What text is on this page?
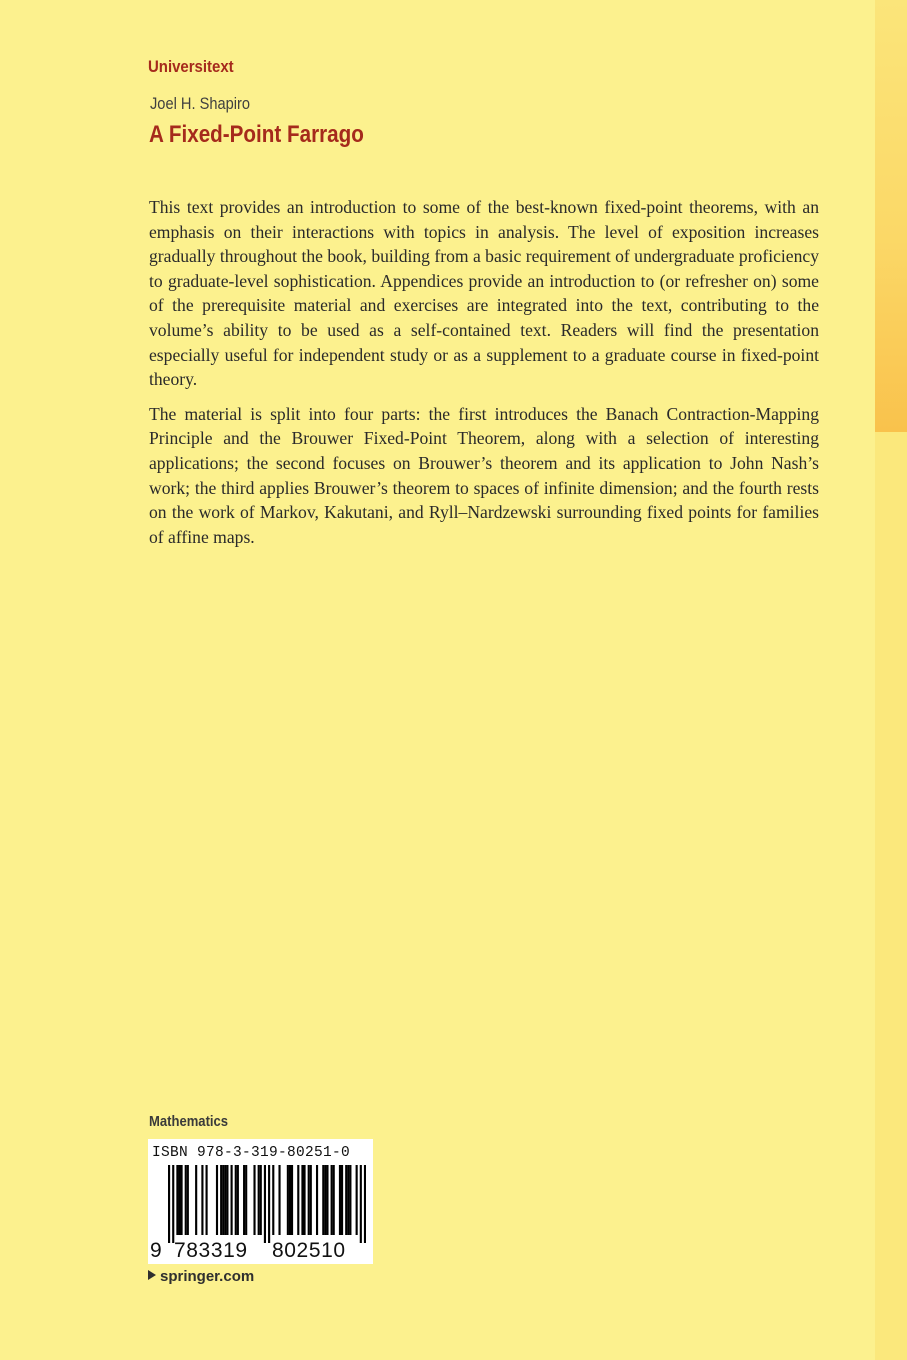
Universitext
Joel H. Shapiro
A Fixed-Point Farrago

This text provides an introduction to some of the best-known fixed-point theorems, with an emphasis on their interactions with topics in analysis. The level of exposition increases gradually throughout the book, building from a basic requirement of undergraduate proficiency to graduate-level sophistication. Appendices provide an introduction to (or refresher on) some of the prerequisite material and exercises are integrated into the text, contributing to the volume’s ability to be used as a self-contained text. Readers will find the presentation especially useful for independent study or as a supplement to a graduate course in fixed-point theory.

The material is split into four parts: the first introduces the Banach Contraction-Mapping Principle and the Brouwer Fixed-Point Theorem, along with a selection of interesting applications; the second focuses on Brouwer’s theorem and its application to John Nash’s work; the third applies Brouwer’s theorem to spaces of infinite dimension; and the fourth rests on the work of Markov, Kakutani, and Ryll–Nardzewski surrounding fixed points for families of affine maps.

Mathematics
ISBN 978-3-319-80251-0
9 783319 802510
springer.com
